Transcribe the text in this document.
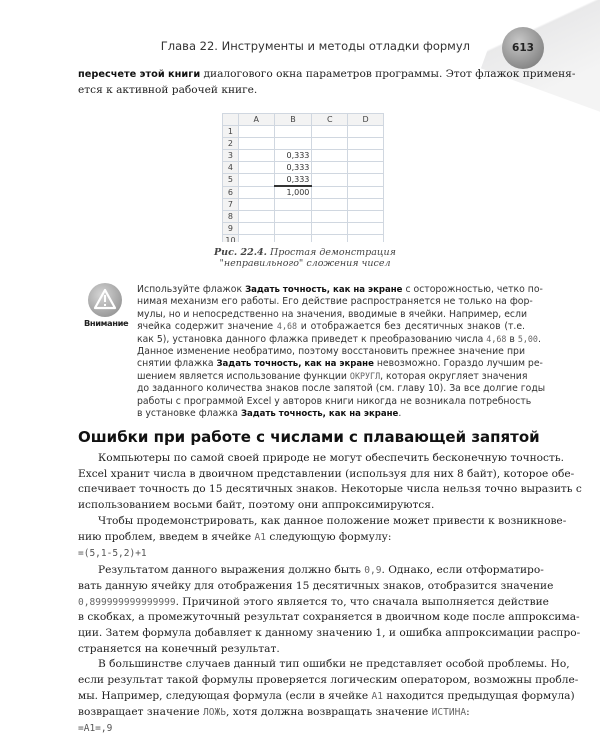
Глава 22. Инструменты и методы отладки формул	613
пересчете этой книги диалогового окна параметров программы. Этот флажок применя-
ется к активной рабочей книге.
	A	B	C	D
1				
2				
3		0,333		
4		0,333		
5		0,333		
6		1,000		
7				
8				
9				
10				
Рис. 22.4. Простая демонстрация
"неправильного" сложения чисел
Внимание
Используйте флажок Задать точность, как на экране с осторожностью, четко по-
нимая механизм его работы. Его действие распространяется не только на фор-
мулы, но и непосредственно на значения, вводимые в ячейки. Например, если
ячейка содержит значение 4,68 и отображается без десятичных знаков (т.е.
как 5), установка данного флажка приведет к преобразованию числа 4,68 в 5,00.
Данное изменение необратимо, поэтому восстановить прежнее значение при
снятии флажка Задать точность, как на экране невозможно. Гораздо лучшим ре-
шением является использование функции ОКРУГЛ, которая округляет значения
до заданного количества знаков после запятой (см. главу 10). За все долгие годы
работы с программой Excel у авторов книги никогда не возникала потребность
в установке флажка Задать точность, как на экране.
Ошибки при работе с числами с плавающей запятой
Компьютеры по самой своей природе не могут обеспечить бесконечную точность.
Excel хранит числа в двоичном представлении (используя для них 8 байт), которое обе-
спечивает точность до 15 десятичных знаков. Некоторые числа нельзя точно выразить с
использованием восьми байт, поэтому они аппроксимируются.
Чтобы продемонстрировать, как данное положение может привести к возникнове-
нию проблем, введем в ячейке A1 следующую формулу:
=(5,1-5,2)+1
Результатом данного выражения должно быть 0,9. Однако, если отформатиро-
вать данную ячейку для отображения 15 десятичных знаков, отобразится значение
0,899999999999999. Причиной этого является то, что сначала выполняется действие
в скобках, а промежуточный результат сохраняется в двоичном коде после аппроксима-
ции. Затем формула добавляет к данному значению 1, и ошибка аппроксимации распро-
страняется на конечный результат.
В большинстве случаев данный тип ошибки не представляет особой проблемы. Но,
если результат такой формулы проверяется логическим оператором, возможны пробле-
мы. Например, следующая формула (если в ячейке A1 находится предыдущая формула)
возвращает значение ЛОЖЬ, хотя должна возвращать значение ИСТИНА:
=A1=,9
